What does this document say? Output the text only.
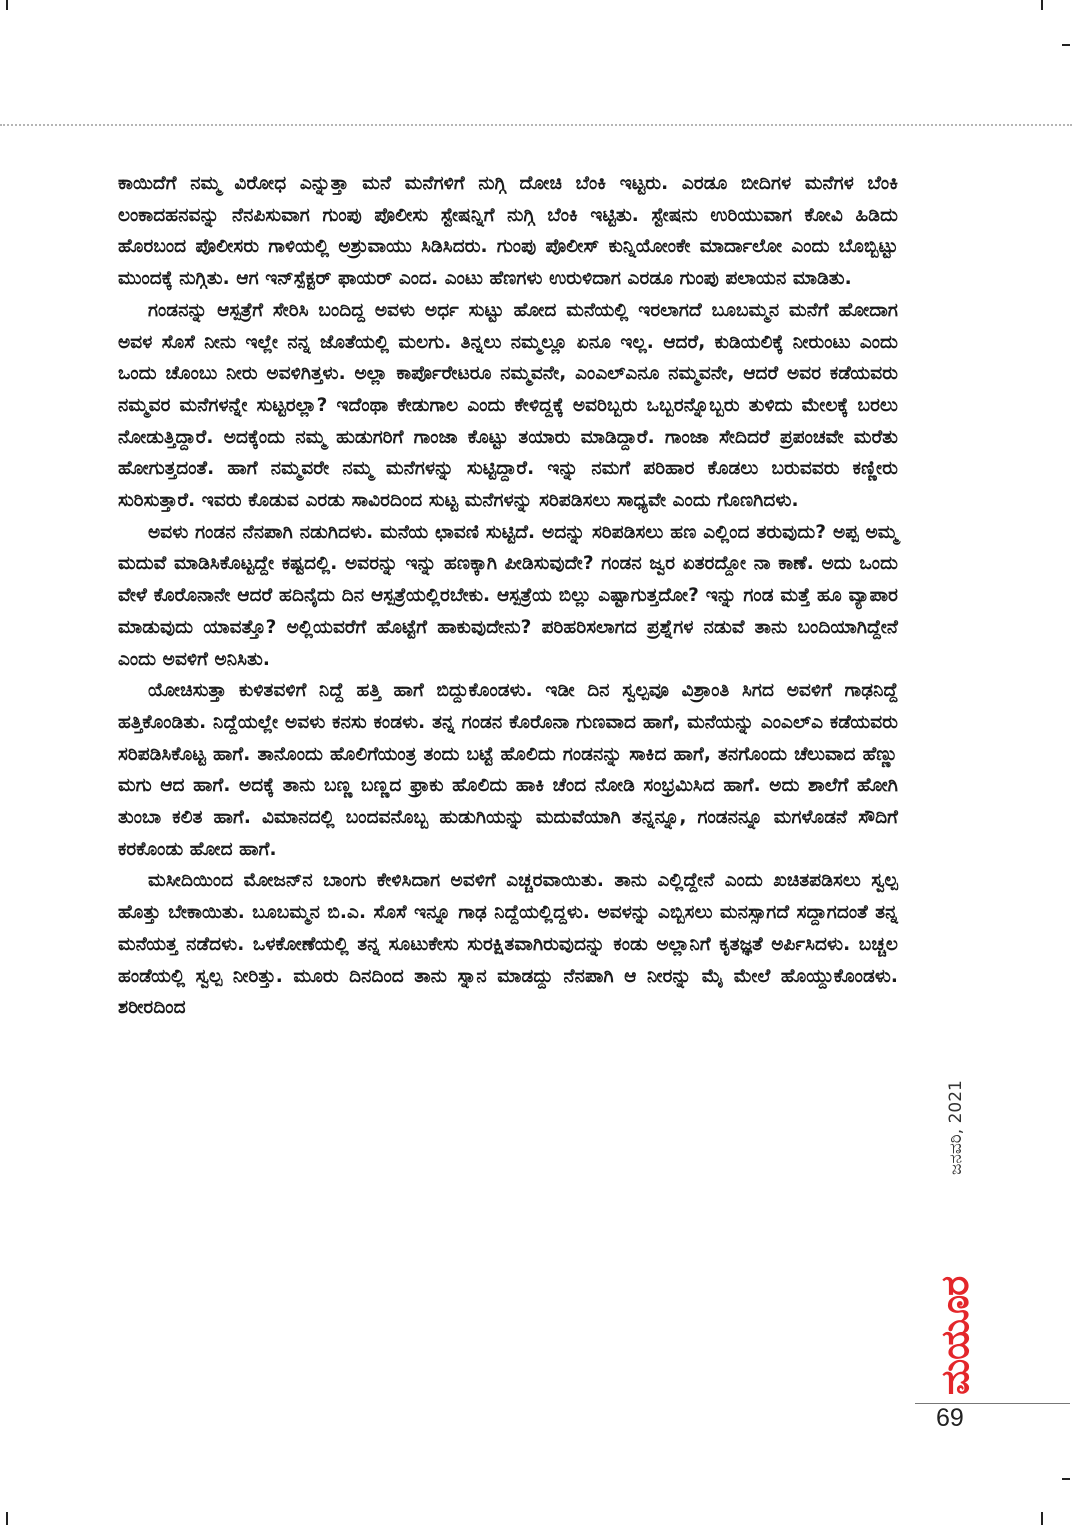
ಕಾಯಿದೆಗೆ ನಮ್ಮ ವಿರೋಧ ಎನ್ನುತ್ತಾ ಮನೆ ಮನೆಗಳಿಗೆ ನುಗ್ಗಿ ದೋಚಿ ಬೆಂಕಿ ಇಟ್ಟರು. ಎರಡೂ ಬೀದಿಗಳ ಮನೆಗಳ ಬೆಂಕಿ ಲಂಕಾದಹನವನ್ನು ನೆನಪಿಸುವಾಗ ಗುಂಪು ಪೊಲೀಸು ಸ್ಟೇಷನ್ನಿಗೆ ನುಗ್ಗಿ ಬೆಂಕಿ ಇಟ್ಟಿತು. ಸ್ಟೇಷನು ಉರಿಯುವಾಗ ಕೋವಿ ಹಿಡಿದು ಹೊರಬಂದ ಪೊಲೀಸರು ಗಾಳಿಯಲ್ಲಿ ಅಶ್ರುವಾಯು ಸಿಡಿಸಿದರು. ಗುಂಪು ಪೊಲೀಸ್ ಕುನ್ನಿಯೋಂಕೇ ಮಾರ್ದಾಲೋ ಎಂದು ಬೊಬ್ಬಿಟ್ಟು ಮುಂದಕ್ಕೆ ನುಗ್ಗಿತು. ಆಗ ಇನ್‌ಸ್ಪೆಕ್ಟರ್ ಫಾಯರ್ ಎಂದ. ಎಂಟು ಹೆಣಗಳು ಉರುಳಿದಾಗ ಎರಡೂ ಗುಂಪು ಪಲಾಯನ ಮಾಡಿತು.

ಗಂಡನನ್ನು ಆಸ್ಪತ್ರೆಗೆ ಸೇರಿಸಿ ಬಂದಿದ್ದ ಅವಳು ಅರ್ಧ ಸುಟ್ಟು ಹೋದ ಮನೆಯಲ್ಲಿ ಇರಲಾಗದೆ ಬೂಬಮ್ಮನ ಮನೆಗೆ ಹೋದಾಗ ಅವಳ ಸೊಸೆ ನೀನು ಇಲ್ಲೇ ನನ್ನ ಜೊತೆಯಲ್ಲಿ ಮಲಗು. ತಿನ್ನಲು ನಮ್ಮಲ್ಲೂ ಏನೂ ಇಲ್ಲ. ಆದರೆ, ಕುಡಿಯಲಿಕ್ಕೆ ನೀರುಂಟು ಎಂದು ಒಂದು ಚೊಂಬು ನೀರು ಅವಳಿಗಿತ್ತಳು. ಅಲ್ಲಾ ಕಾರ್ಪೊರೇಟರೂ ನಮ್ಮವನೇ, ಎಂಎಲ್‌ಎನೂ ನಮ್ಮವನೇ, ಆದರೆ ಅವರ ಕಡೆಯವರು ನಮ್ಮವರ ಮನೆಗಳನ್ನೇ ಸುಟ್ಟರಲ್ಲಾ? ಇದೆಂಥಾ ಕೇಡುಗಾಲ ಎಂದು ಕೇಳಿದ್ದಕ್ಕೆ ಅವರಿಬ್ಬರು ಒಬ್ಬರನ್ನೊಬ್ಬರು ತುಳಿದು ಮೇಲಕ್ಕೆ ಬರಲು ನೋಡುತ್ತಿದ್ದಾರೆ. ಅದಕ್ಕೆಂದು ನಮ್ಮ ಹುಡುಗರಿಗೆ ಗಾಂಜಾ ಕೊಟ್ಟು ತಯಾರು ಮಾಡಿದ್ದಾರೆ. ಗಾಂಜಾ ಸೇದಿದರೆ ಪ್ರಪಂಚವೇ ಮರೆತು ಹೋಗುತ್ತದಂತೆ. ಹಾಗೆ ನಮ್ಮವರೇ ನಮ್ಮ ಮನೆಗಳನ್ನು ಸುಟ್ಟಿದ್ದಾರೆ. ಇನ್ನು ನಮಗೆ ಪರಿಹಾರ ಕೊಡಲು ಬರುವವರು ಕಣ್ಣೀರು ಸುರಿಸುತ್ತಾರೆ. ಇವರು ಕೊಡುವ ಎರಡು ಸಾವಿರದಿಂದ ಸುಟ್ಟ ಮನೆಗಳನ್ನು ಸರಿಪಡಿಸಲು ಸಾಧ್ಯವೇ ಎಂದು ಗೊಣಗಿದಳು.

ಅವಳು ಗಂಡನ ನೆನಪಾಗಿ ನಡುಗಿದಳು. ಮನೆಯ ಛಾವಣಿ ಸುಟ್ಟಿದೆ. ಅದನ್ನು ಸರಿಪಡಿಸಲು ಹಣ ಎಲ್ಲಿಂದ ತರುವುದು? ಅಪ್ಪ ಅಮ್ಮ ಮದುವೆ ಮಾಡಿಸಿಕೊಟ್ಟದ್ದೇ ಕಷ್ಟದಲ್ಲಿ. ಅವರನ್ನು ಇನ್ನು ಹಣಕ್ಕಾಗಿ ಪೀಡಿಸುವುದೇ? ಗಂಡನ ಜ್ವರ ಏತರದ್ದೋ ನಾ ಕಾಣೆ. ಅದು ಒಂದು ವೇಳೆ ಕೊರೊನಾನೇ ಆದರೆ ಹದಿನೈದು ದಿನ ಆಸ್ಪತ್ರೆಯಲ್ಲಿರಬೇಕು. ಆಸ್ಪತ್ರೆಯ ಬಿಲ್ಲು ಎಷ್ಟಾಗುತ್ತದೋ? ಇನ್ನು ಗಂಡ ಮತ್ತೆ ಹೂ ವ್ಯಾಪಾರ ಮಾಡುವುದು ಯಾವತ್ತೊ? ಅಲ್ಲಿಯವರೆಗೆ ಹೊಟ್ಟೆಗೆ ಹಾಕುವುದೇನು? ಪರಿಹರಿಸಲಾಗದ ಪ್ರಶ್ನೆಗಳ ನಡುವೆ ತಾನು ಬಂದಿಯಾಗಿದ್ದೇನೆ ಎಂದು ಅವಳಿಗೆ ಅನಿಸಿತು.

ಯೋಚಿಸುತ್ತಾ ಕುಳಿತವಳಿಗೆ ನಿದ್ದೆ ಹತ್ತಿ ಹಾಗೆ ಬಿದ್ದುಕೊಂಡಳು. ಇಡೀ ದಿನ ಸ್ವಲ್ಪವೂ ವಿಶ್ರಾಂತಿ ಸಿಗದ ಅವಳಿಗೆ ಗಾಢನಿದ್ದೆ ಹತ್ತಿಕೊಂಡಿತು. ನಿದ್ದೆಯಲ್ಲೇ ಅವಳು ಕನಸು ಕಂಡಳು. ತನ್ನ ಗಂಡನ ಕೊರೊನಾ ಗುಣವಾದ ಹಾಗೆ, ಮನೆಯನ್ನು ಎಂಎಲ್‌ಎ ಕಡೆಯವರು ಸರಿಪಡಿಸಿಕೊಟ್ಟ ಹಾಗೆ. ತಾನೊಂದು ಹೊಲಿಗೆಯಂತ್ರ ತಂದು ಬಟ್ಟೆ ಹೊಲಿದು ಗಂಡನನ್ನು ಸಾಕಿದ ಹಾಗೆ, ತನಗೊಂದು ಚೆಲುವಾದ ಹೆಣ್ಣು ಮಗು ಆದ ಹಾಗೆ. ಅದಕ್ಕೆ ತಾನು ಬಣ್ಣ ಬಣ್ಣದ ಫ್ರಾಕು ಹೊಲಿದು ಹಾಕಿ ಚೆಂದ ನೋಡಿ ಸಂಭ್ರಮಿಸಿದ ಹಾಗೆ. ಅದು ಶಾಲೆಗೆ ಹೋಗಿ ತುಂಬಾ ಕಲಿತ ಹಾಗೆ. ವಿಮಾನದಲ್ಲಿ ಬಂದವನೊಬ್ಬ ಹುಡುಗಿಯನ್ನು ಮದುವೆಯಾಗಿ ತನ್ನನ್ನೂ, ಗಂಡನನ್ನೂ ಮಗಳೊಡನೆ ಸೌದಿಗೆ ಕರಕೊಂಡು ಹೋದ ಹಾಗೆ.

ಮಸೀದಿಯಿಂದ ಮೋಜನ್‌ನ ಬಾಂಗು ಕೇಳಿಸಿದಾಗ ಅವಳಿಗೆ ಎಚ್ಚರವಾಯಿತು. ತಾನು ಎಲ್ಲಿದ್ದೇನೆ ಎಂದು ಖಚಿತಪಡಿಸಲು ಸ್ವಲ್ಪ ಹೊತ್ತು ಬೇಕಾಯಿತು. ಬೂಬಮ್ಮನ ಬಿ.ಎ. ಸೊಸೆ ಇನ್ನೂ ಗಾಢ ನಿದ್ದೆಯಲ್ಲಿದ್ದಳು. ಅವಳನ್ನು ಎಬ್ಬಿಸಲು ಮನಸ್ಸಾಗದೆ ಸದ್ದಾಗದಂತೆ ತನ್ನ ಮನೆಯತ್ತ ನಡೆದಳು. ಒಳಕೋಣೆಯಲ್ಲಿ ತನ್ನ ಸೂಟುಕೇಸು ಸುರಕ್ಷಿತವಾಗಿರುವುದನ್ನು ಕಂಡು ಅಲ್ಲಾನಿಗೆ ಕೃತಜ್ಞತೆ ಅರ್ಪಿಸಿದಳು. ಬಚ್ಚಲ ಹಂಡೆಯಲ್ಲಿ ಸ್ವಲ್ಪ ನೀರಿತ್ತು. ಮೂರು ದಿನದಿಂದ ತಾನು ಸ್ನಾನ ಮಾಡದ್ದು ನೆನಪಾಗಿ ಆ ನೀರನ್ನು ಮೈ ಮೇಲೆ ಹೊಯ್ದುಕೊಂಡಳು. ಶರೀರದಿಂದ

ಜನವರಿ, 2021
ಮಯೂರ
69
